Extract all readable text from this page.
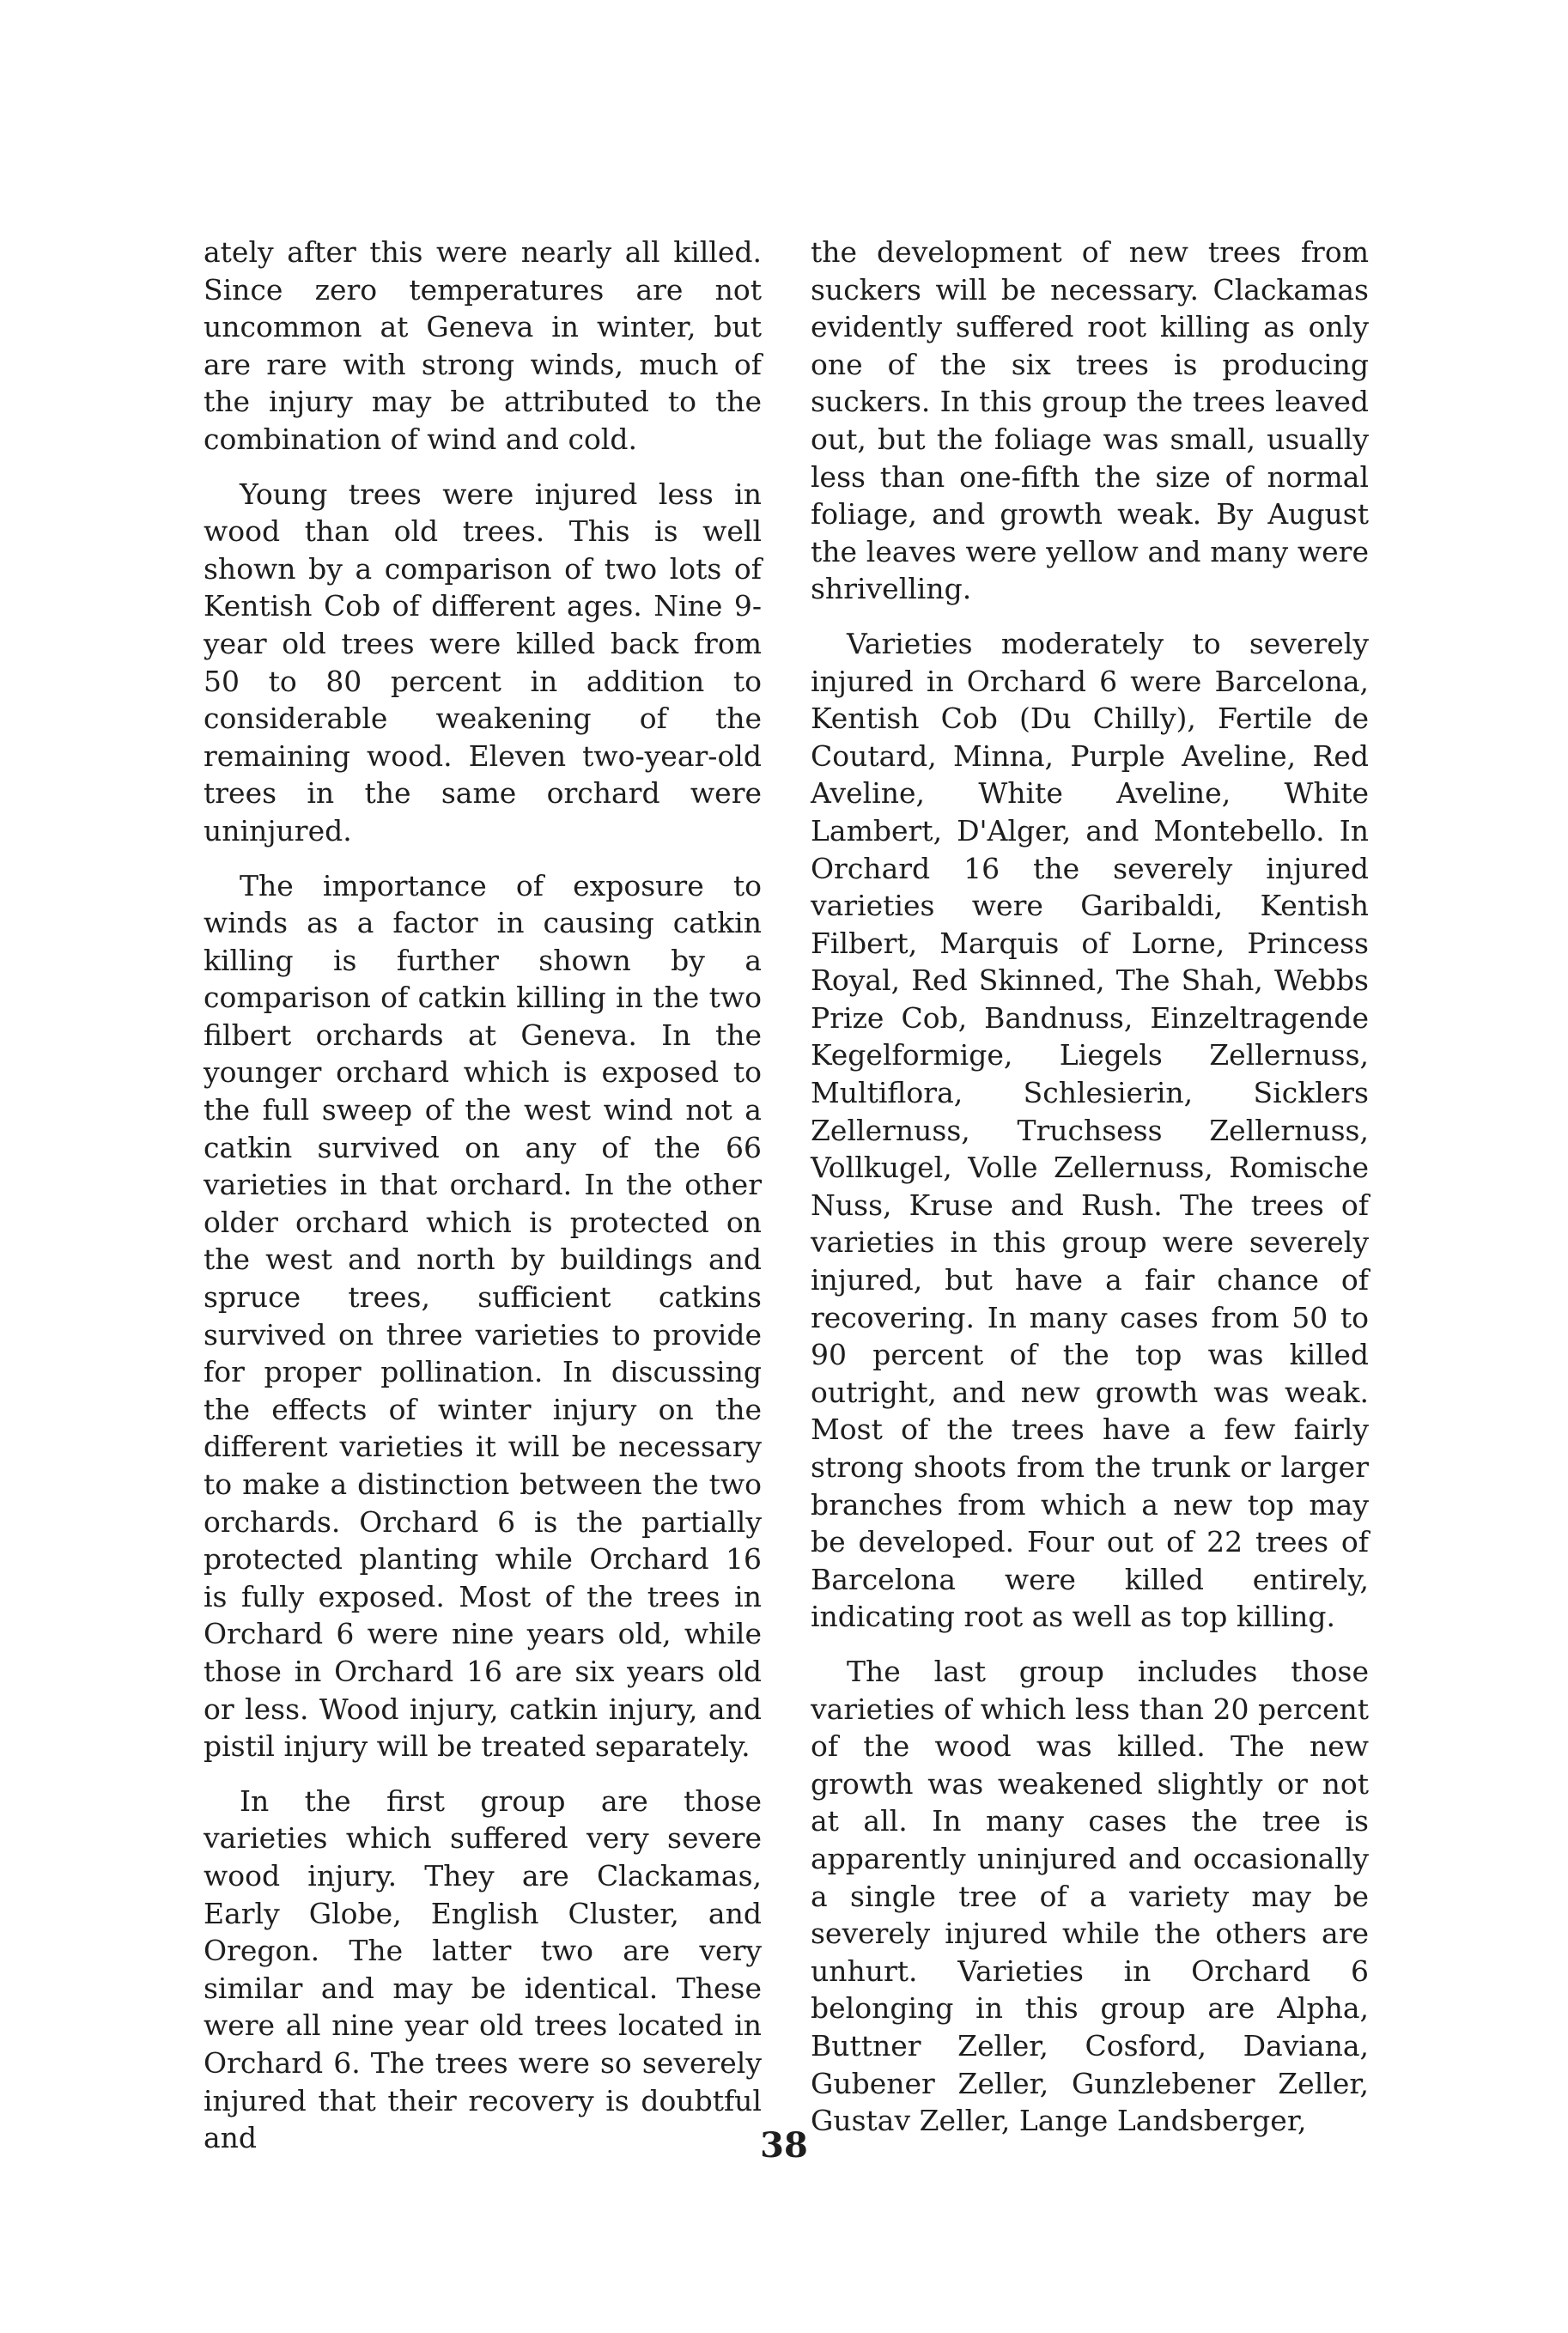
ately after this were nearly all killed. Since zero temperatures are not uncommon at Geneva in winter, but are rare with strong winds, much of the injury may be attributed to the combination of wind and cold.

Young trees were injured less in wood than old trees. This is well shown by a comparison of two lots of Kentish Cob of different ages. Nine 9-year old trees were killed back from 50 to 80 percent in addition to considerable weakening of the remaining wood. Eleven two-year-old trees in the same orchard were uninjured.

The importance of exposure to winds as a factor in causing catkin killing is further shown by a comparison of catkin killing in the two filbert orchards at Geneva. In the younger orchard which is exposed to the full sweep of the west wind not a catkin survived on any of the 66 varieties in that orchard. In the other older orchard which is protected on the west and north by buildings and spruce trees, sufficient catkins survived on three varieties to provide for proper pollination. In discussing the effects of winter injury on the different varieties it will be necessary to make a distinction between the two orchards. Orchard 6 is the partially protected planting while Orchard 16 is fully exposed. Most of the trees in Orchard 6 were nine years old, while those in Orchard 16 are six years old or less. Wood injury, catkin injury, and pistil injury will be treated separately.

In the first group are those varieties which suffered very severe wood injury. They are Clackamas, Early Globe, English Cluster, and Oregon. The latter two are very similar and may be identical. These were all nine year old trees located in Orchard 6. The trees were so severely injured that their recovery is doubtful and

the development of new trees from suckers will be necessary. Clackamas evidently suffered root killing as only one of the six trees is producing suckers. In this group the trees leaved out, but the foliage was small, usually less than one-fifth the size of normal foliage, and growth weak. By August the leaves were yellow and many were shrivelling.

Varieties moderately to severely injured in Orchard 6 were Barcelona, Kentish Cob (Du Chilly), Fertile de Coutard, Minna, Purple Aveline, Red Aveline, White Aveline, White Lambert, D'Alger, and Montebello. In Orchard 16 the severely injured varieties were Garibaldi, Kentish Filbert, Marquis of Lorne, Princess Royal, Red Skinned, The Shah, Webbs Prize Cob, Bandnuss, Einzeltragende Kegelformige, Liegels Zellernuss, Multiflora, Schlesierin, Sicklers Zellernuss, Truchsess Zellernuss, Vollkugel, Volle Zellernuss, Romische Nuss, Kruse and Rush. The trees of varieties in this group were severely injured, but have a fair chance of recovering. In many cases from 50 to 90 percent of the top was killed outright, and new growth was weak. Most of the trees have a few fairly strong shoots from the trunk or larger branches from which a new top may be developed. Four out of 22 trees of Barcelona were killed entirely, indicating root as well as top killing.

The last group includes those varieties of which less than 20 percent of the wood was killed. The new growth was weakened slightly or not at all. In many cases the tree is apparently uninjured and occasionally a single tree of a variety may be severely injured while the others are unhurt. Varieties in Orchard 6 belonging in this group are Alpha, Buttner Zeller, Cosford, Daviana, Gubener Zeller, Gunzlebener Zeller, Gustav Zeller, Lange Landsberger,

38
